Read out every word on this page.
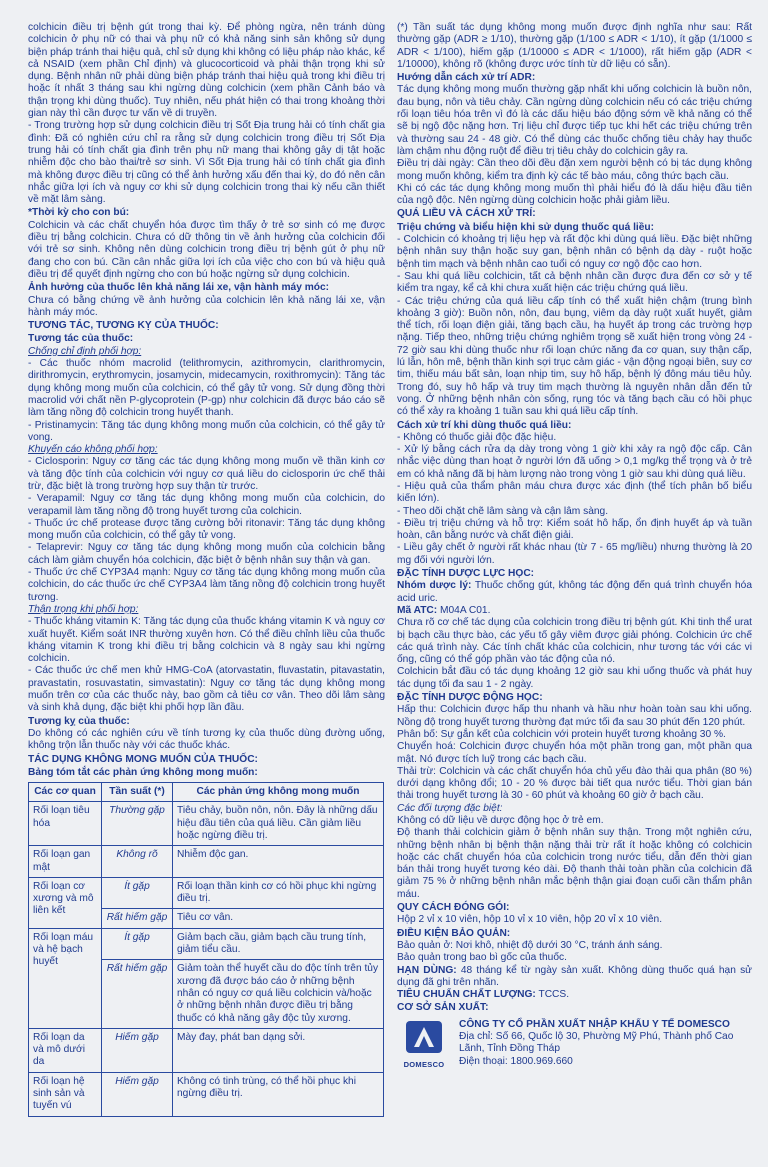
colchicin điều trị bệnh gút trong thai kỳ. Để phòng ngừa, nên tránh dùng colchicin ở phụ nữ có thai và phụ nữ có khả năng sinh sản không sử dụng biện pháp tránh thai hiệu quả, chỉ sử dụng khi không có liệu pháp nào khác, kể cả NSAID (xem phần Chỉ định) và glucocorticoid và phải thận trọng khi sử dụng. Bệnh nhân nữ phải dùng biện pháp tránh thai hiệu quả trong khi điều trị hoặc ít nhất 3 tháng sau khi ngừng dùng colchicin (xem phần Cảnh báo và thận trọng khi dùng thuốc). Tuy nhiên, nếu phát hiện có thai trong khoảng thời gian này thì cần được tư vấn về di truyền.

- Trong trường hợp sử dụng colchicin điều trị Sốt Địa trung hải có tính chất gia đình: Đã có nghiên cứu chỉ ra rằng sử dụng colchicin trong điều trị Sốt Địa trung hải có tính chất gia đình trên phụ nữ mang thai không gây dị tật hoặc nhiễm độc cho bào thai/trẻ sơ sinh. Vì Sốt Địa trung hải có tính chất gia đình mà không được điều trị cũng có thể ảnh hưởng xấu đến thai kỳ, do đó nên cân nhắc giữa lợi ích và nguy cơ khi sử dụng colchicin trong thai kỳ nếu cần thiết về mặt lâm sàng.

*Thời kỳ cho con bú:

Colchicin và các chất chuyển hóa được tìm thấy ở trẻ sơ sinh có mẹ được điều trị bằng colchicin. Chưa có dữ thông tin về ảnh hưởng của colchicin đối với trẻ sơ sinh. Không nên dùng colchicin trong điều trị bệnh gút ở phụ nữ đang cho con bú. Cần cân nhắc giữa lợi ích của việc cho con bú và hiệu quả điều trị để quyết định ngừng cho con bú hoặc ngừng sử dụng colchicin.

Ảnh hưởng của thuốc lên khả năng lái xe, vận hành máy móc:

Chưa có bằng chứng về ảnh hưởng của colchicin lên khả năng lái xe, vận hành máy móc.

TƯƠNG TÁC, TƯƠNG KỴ CỦA THUỐC:

Tương tác của thuốc:

Chống chỉ định phối hợp:

- Các thuốc nhóm macrolid (telithromycin, azithromycin, clarithromycin, dirithromycin, erythromycin, josamycin, midecamycin, roxithromycin): Tăng tác dụng không mong muốn của colchicin, có thể gây tử vong. Sử dụng đồng thời macrolid với chất nền P-glycoprotein (P-gp) như colchicin đã được báo cáo sẽ làm tăng nồng độ colchicin trong huyết thanh.

- Pristinamycin: Tăng tác dụng không mong muốn của colchicin, có thể gây tử vong.

Khuyến cáo không phối hợp:

- Ciclosporin: Nguy cơ tăng các tác dụng không mong muốn về thần kinh cơ và tăng độc tính của colchicin với nguy cơ quá liều do ciclosporin ức chế thải trừ, đặc biệt là trong trường hợp suy thận từ trước.

- Verapamil: Nguy cơ tăng tác dụng không mong muốn của colchicin, do verapamil làm tăng nồng độ trong huyết tương của colchicin.

- Thuốc ức chế protease được tăng cường bởi ritonavir: Tăng tác dụng không mong muốn của colchicin, có thể gây tử vong.

- Telaprevir: Nguy cơ tăng tác dụng không mong muốn của colchicin bằng cách làm giảm chuyển hóa colchicin, đặc biệt ở bệnh nhân suy thận và gan.

- Thuốc ức chế CYP3A4 mạnh: Nguy cơ tăng tác dụng không mong muốn của colchicin, do các thuốc ức chế CYP3A4 làm tăng nồng độ colchicin trong huyết tương.

Thận trọng khi phối hợp:

- Thuốc kháng vitamin K: Tăng tác dụng của thuốc kháng vitamin K và nguy cơ xuất huyết. Kiểm soát INR thường xuyên hơn. Có thể điều chỉnh liều của thuốc kháng vitamin K trong khi điều trị bằng colchicin và 8 ngày sau khi ngừng colchicin.

- Các thuốc ức chế men khử HMG-CoA (atorvastatin, fluvastatin, pitavastatin, pravastatin, rosuvastatin, simvastatin): Nguy cơ tăng tác dụng không mong muốn trên cơ của các thuốc này, bao gồm cả tiêu cơ vân. Theo dõi lâm sàng và sinh khả dụng, đặc biệt khi phối hợp lần đầu.

Tương kỵ của thuốc:

Do không có các nghiên cứu về tính tương kỵ của thuốc dùng đường uống, không trộn lẫn thuốc này với các thuốc khác.

TÁC DỤNG KHÔNG MONG MUỐN CỦA THUỐC:

Bảng tóm tắt các phản ứng không mong muốn:

Các cơ quan	Tần suất (*)	Các phản ứng không mong muốn
Rối loạn tiêu hóa	Thường gặp	Tiêu chảy, buồn nôn, nôn. Đây là những dấu hiệu đầu tiên của quá liều. Cần giảm liều hoặc ngừng điều trị.
Rối loạn gan mật	Không rõ	Nhiễm độc gan.
Rối loạn cơ xương và mô liên kết	Ít gặp	Rối loạn thần kinh cơ có hồi phục khi ngừng điều trị.
	Rất hiếm gặp	Tiêu cơ vân.
Rối loạn máu và hệ bạch huyết	Ít gặp	Giảm bạch cầu, giảm bạch cầu trung tính, giảm tiểu cầu.
	Rất hiếm gặp	Giảm toàn thể huyết cầu do độc tính trên tủy xương đã được báo cáo ở những bệnh nhân có nguy cơ quá liều colchicin và/hoặc ở những bệnh nhân được điều trị bằng thuốc có khả năng gây độc tủy xương.
Rối loạn da và mô dưới da	Hiếm gặp	Mày đay, phát ban dạng sởi.
Rối loạn hệ sinh sản và tuyến vú	Hiếm gặp	Không có tinh trùng, có thể hồi phục khi ngừng điều trị.

(*) Tần suất tác dụng không mong muốn được định nghĩa như sau: Rất thường gặp (ADR ≥ 1/10), thường gặp (1/100 ≤ ADR < 1/10), ít gặp (1/1000 ≤ ADR < 1/100), hiếm gặp (1/10000 ≤ ADR < 1/1000), rất hiếm gặp (ADR < 1/10000), không rõ (không được ước tính từ dữ liệu có sẵn).

Hướng dẫn cách xử trí ADR:

Tác dụng không mong muốn thường gặp nhất khi uống colchicin là buồn nôn, đau bụng, nôn và tiêu chảy. Cần ngừng dùng colchicin nếu có các triệu chứng rối loạn tiêu hóa trên vì đó là các dấu hiệu báo động sớm về khả năng có thể sẽ bị ngộ độc nặng hơn. Trị liệu chỉ được tiếp tục khi hết các triệu chứng trên và thường sau 24 - 48 giờ. Có thể dùng các thuốc chống tiêu chảy hay thuốc làm chậm nhu động ruột để điều trị tiêu chảy do colchicin gây ra.

Điều trị dài ngày: Cần theo dõi đều đặn xem người bệnh có bị tác dụng không mong muốn không, kiểm tra định kỳ các tế bào máu, công thức bạch cầu.

Khi có các tác dụng không mong muốn thì phải hiểu đó là dấu hiệu đầu tiên của ngộ độc. Nên ngừng dùng colchicin hoặc phải giảm liều.

QUÁ LIỀU VÀ CÁCH XỬ TRÍ:

Triệu chứng và biểu hiện khi sử dụng thuốc quá liều:

- Colchicin có khoảng trị liệu hẹp và rất độc khi dùng quá liều. Đặc biệt những bệnh nhân suy thận hoặc suy gan, bệnh nhân có bệnh dạ dày - ruột hoặc bệnh tim mạch và bệnh nhân cao tuổi có nguy cơ ngộ độc cao hơn.

- Sau khi quá liều colchicin, tất cả bệnh nhân cần được đưa đến cơ sở y tế kiểm tra ngay, kể cả khi chưa xuất hiện các triệu chứng quá liều.

- Các triệu chứng của quá liều cấp tính có thể xuất hiện chậm (trung bình khoảng 3 giờ): Buồn nôn, nôn, đau bụng, viêm dạ dày ruột xuất huyết, giảm thể tích, rối loạn điện giải, tăng bạch cầu, hạ huyết áp trong các trường hợp nặng. Tiếp theo, những triệu chứng nghiêm trọng sẽ xuất hiện trong vòng 24 - 72 giờ sau khi dùng thuốc như rối loạn chức năng đa cơ quan, suy thận cấp, lú lẫn, hôn mê, bệnh thần kinh sợi trục cảm giác - vận động ngoại biên, suy cơ tim, thiếu máu bất sản, loạn nhịp tim, suy hô hấp, bệnh lý đông máu tiêu hủy. Trong đó, suy hô hấp và truy tim mạch thường là nguyên nhân dẫn đến tử vong. Ở những bệnh nhân còn sống, rụng tóc và tăng bạch cầu có hồi phục có thể xảy ra khoảng 1 tuần sau khi quá liều cấp tính.

Cách xử trí khi dùng thuốc quá liều:

- Không có thuốc giải độc đặc hiệu.

- Xử lý bằng cách rửa dạ dày trong vòng 1 giờ khi xảy ra ngộ độc cấp. Cân nhắc việc dùng than hoạt ở người lớn đã uống > 0,1 mg/kg thể trọng và ở trẻ em có khả năng đã bị hàm lượng nào trong vòng 1 giờ sau khi dùng quá liều.

- Hiệu quả của thẩm phân máu chưa được xác định (thể tích phân bố biểu kiến lớn).

- Theo dõi chặt chẽ lâm sàng và cận lâm sàng.

- Điều trị triệu chứng và hỗ trợ: Kiểm soát hô hấp, ổn định huyết áp và tuần hoàn, cân bằng nước và chất điện giải.

- Liều gây chết ở người rất khác nhau (từ 7 - 65 mg/liều) nhưng thường là 20 mg đối với người lớn.

ĐẶC TÍNH DƯỢC LỰC HỌC:

Nhóm dược lý: Thuốc chống gút, không tác động đến quá trình chuyển hóa acid uric.

Mã ATC: M04A C01.

Chưa rõ cơ chế tác dụng của colchicin trong điều trị bệnh gút. Khi tinh thể urat bị bạch cầu thực bào, các yếu tố gây viêm được giải phóng. Colchicin ức chế các quá trình này. Các tính chất khác của colchicin, như tương tác với các vi ống, cũng có thể góp phần vào tác động của nó.

Colchicin bắt đầu có tác dụng khoảng 12 giờ sau khi uống thuốc và phát huy tác dụng tối đa sau 1 - 2 ngày.

ĐẶC TÍNH DƯỢC ĐỘNG HỌC:

Hấp thu: Colchicin được hấp thu nhanh và hầu như hoàn toàn sau khi uống. Nồng độ trong huyết tương thường đạt mức tối đa sau 30 phút đến 120 phút.

Phân bố: Sự gắn kết của colchicin với protein huyết tương khoảng 30 %.

Chuyển hoá: Colchicin được chuyển hóa một phần trong gan, một phần qua mật. Nó được tích luỹ trong các bạch cầu.

Thải trừ: Colchicin và các chất chuyển hóa chủ yếu đào thải qua phân (80 %) dưới dạng không đổi; 10 - 20 % được bài tiết qua nước tiểu. Thời gian bán thải trong huyết tương là 30 - 60 phút và khoảng 60 giờ ở bạch cầu.

Các đối tượng đặc biệt:

Không có dữ liệu về dược động học ở trẻ em.

Độ thanh thải colchicin giảm ở bệnh nhân suy thận. Trong một nghiên cứu, những bệnh nhân bị bệnh thận nặng thải trừ rất ít hoặc không có colchicin hoặc các chất chuyển hóa của colchicin trong nước tiểu, dẫn đến thời gian bán thải trong huyết tương kéo dài. Độ thanh thải toàn phần của colchicin đã giảm 75 % ở những bệnh nhân mắc bệnh thận giai đoạn cuối cần thẩm phân máu.

QUY CÁCH ĐÓNG GÓI:

Hộp 2 vỉ x 10 viên, hộp 10 vỉ x 10 viên, hộp 20 vỉ x 10 viên.

ĐIỀU KIỆN BẢO QUẢN:

Bảo quản ở: Nơi khô, nhiệt độ dưới 30 °C, tránh ánh sáng.

Bảo quản trong bao bì gốc của thuốc.

HẠN DÙNG: 48 tháng kể từ ngày sản xuất. Không dùng thuốc quá hạn sử dụng đã ghi trên nhãn.

TIÊU CHUẨN CHẤT LƯỢNG: TCCS.

CƠ SỞ SẢN XUẤT:

DOMESCO

CÔNG TY CỔ PHẦN XUẤT NHẬP KHẨU Y TẾ DOMESCO

Địa chỉ: Số 66, Quốc lộ 30, Phường Mỹ Phú, Thành phố Cao Lãnh, Tỉnh Đồng Tháp

Điện thoại: 1800.969.660
